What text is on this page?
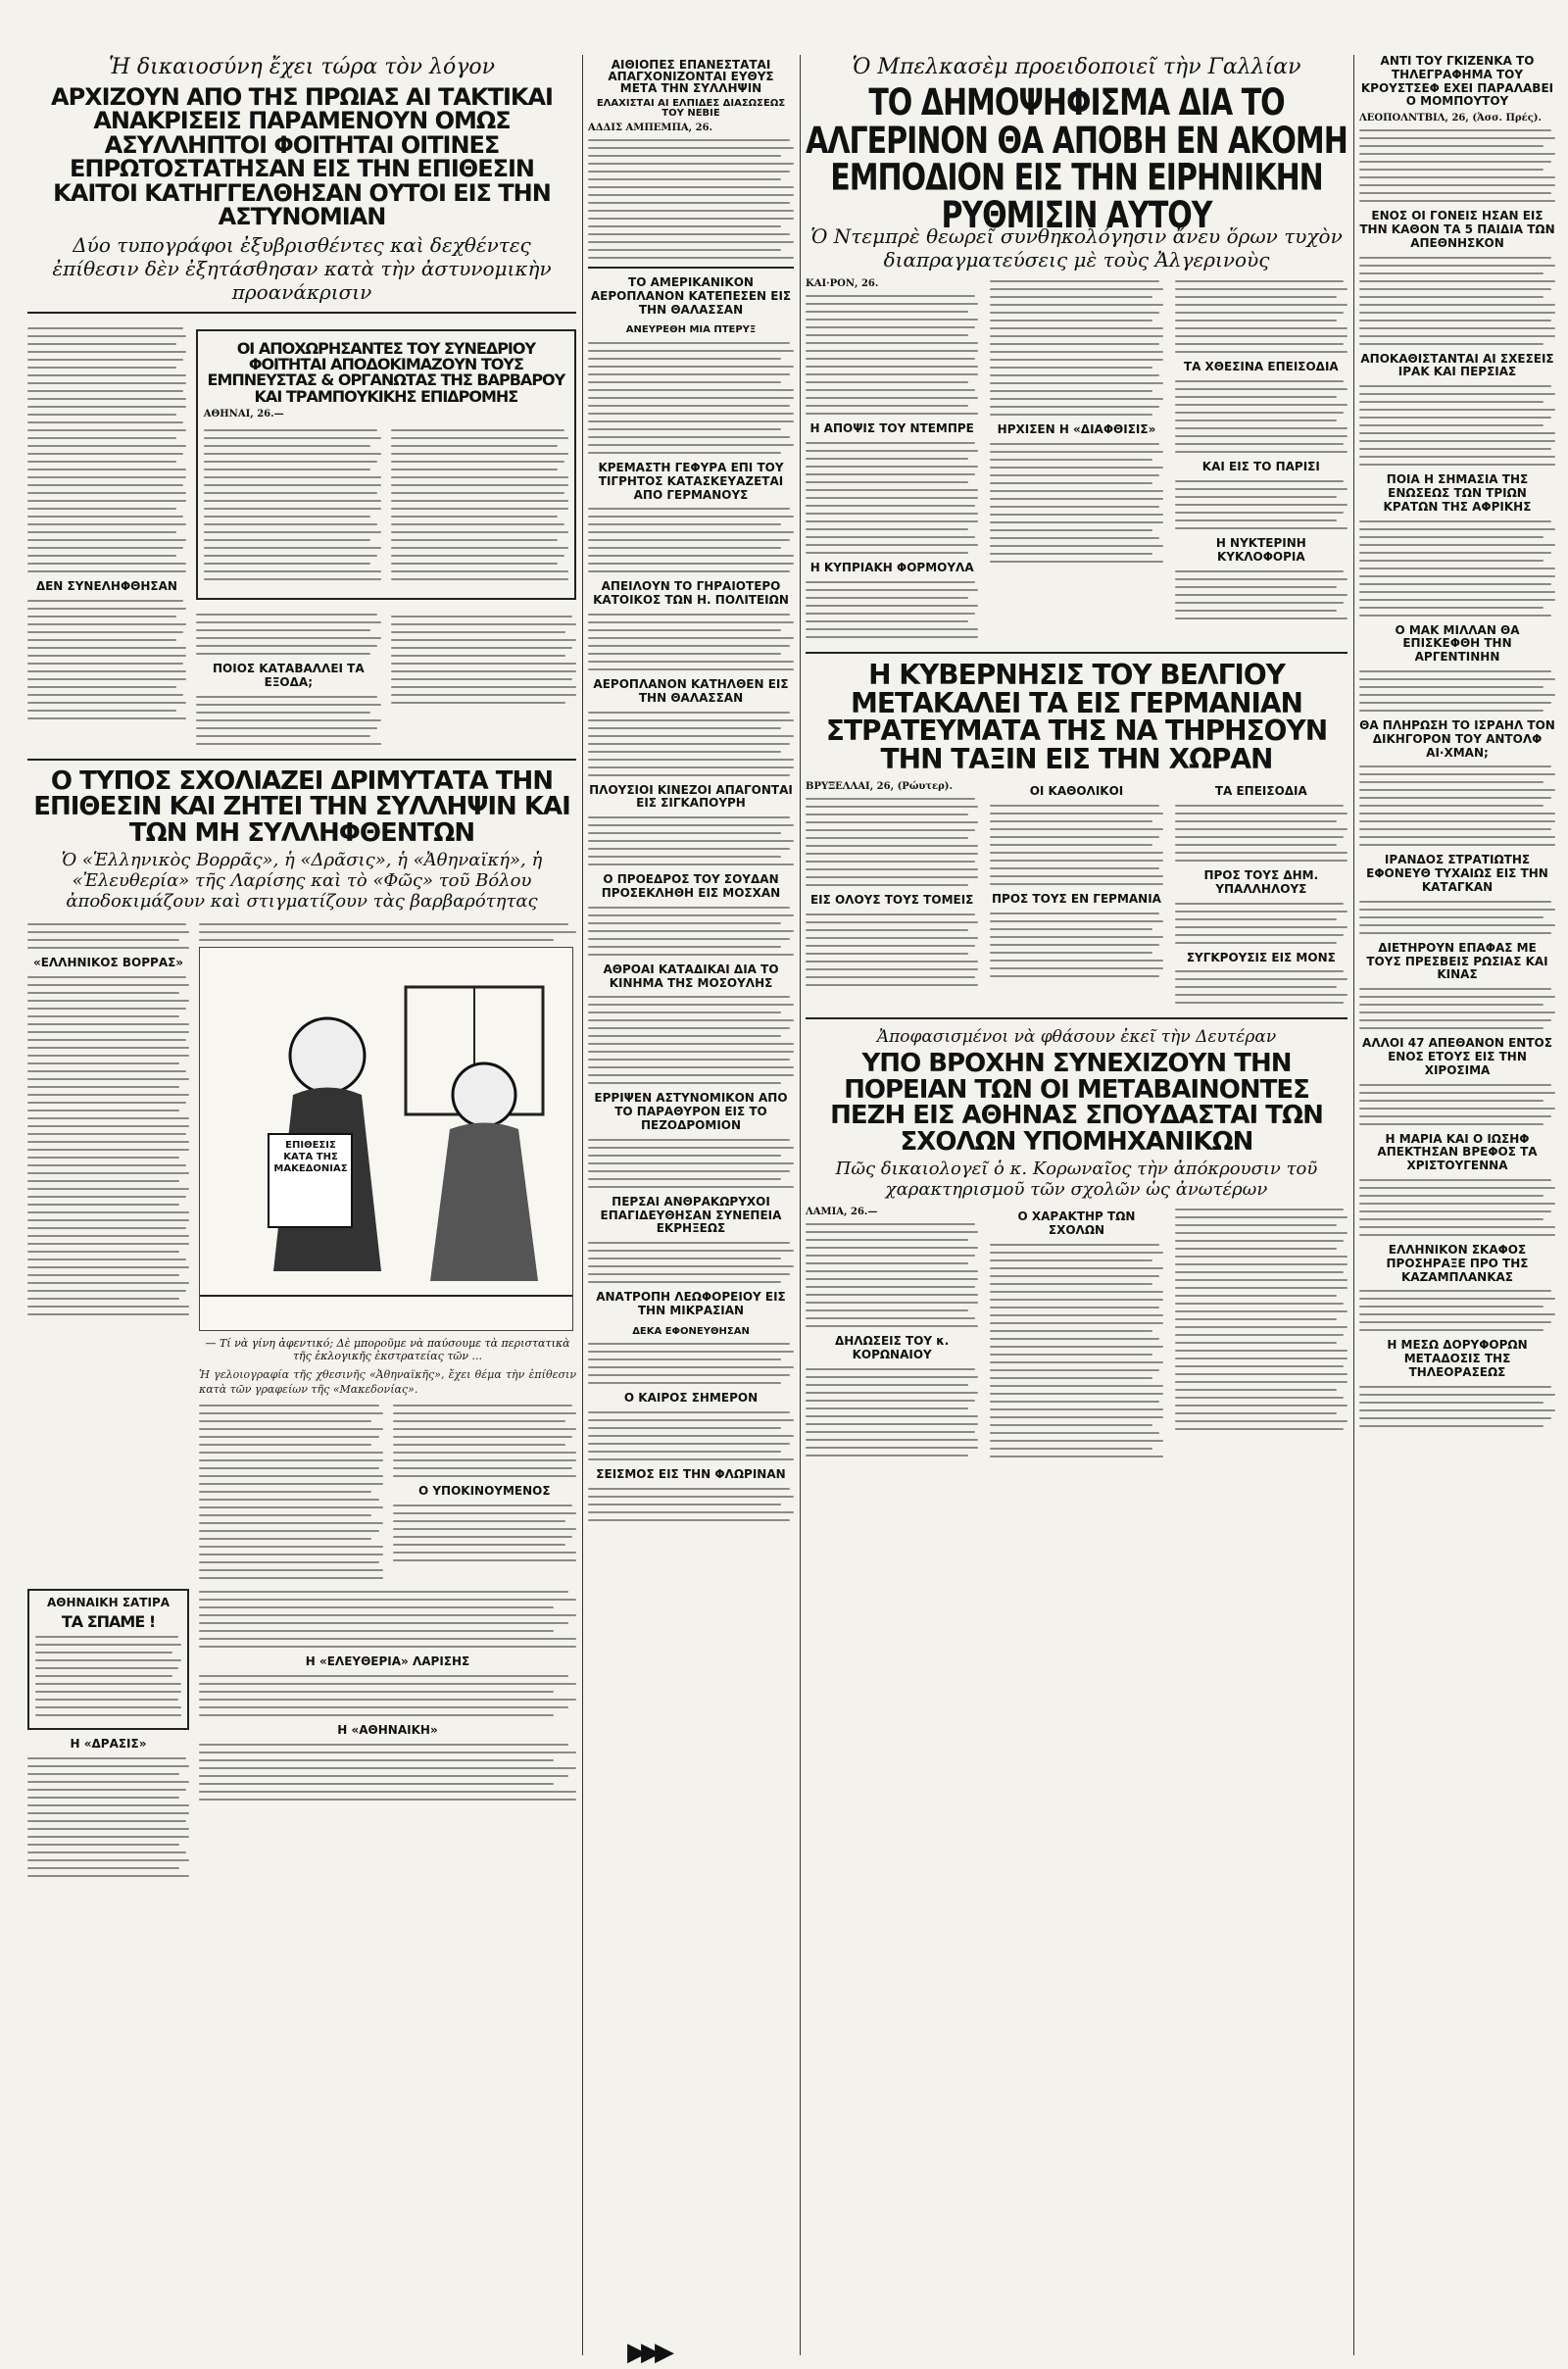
Ἡ δικαιοσύνη ἔχει τώρα τὸν λόγον
ΑΡΧΙΖΟΥΝ ΑΠΟ ΤΗΣ ΠΡΩΙΑΣ ΑΙ ΤΑΚΤΙΚΑΙ ΑΝΑΚΡΙΣΕΙΣ ΠΑΡΑΜΕΝΟΥΝ ΟΜΩΣ ΑΣΥΛΛΗΠΤΟΙ ΦΟΙΤΗΤΑΙ ΟΙΤΙΝΕΣ ΕΠΡΩΤΟΣΤΑΤΗΣΑΝ ΕΙΣ ΤΗΝ ΕΠΙΘΕΣΙΝ ΚΑΙΤΟΙ ΚΑΤΗΓΓΕΛΘΗΣΑΝ ΟΥΤΟΙ ΕΙΣ ΤΗΝ ΑΣΤΥΝΟΜΙΑΝ
Δύο τυπογράφοι ἐξυβρισθέντες καὶ δεχθέντες ἐπίθεσιν δὲν ἐξητάσθησαν κατὰ τὴν ἀστυνομικὴν προανάκρισιν
ΔΕΝ ΣΥΝΕΛΗΦΘΗΣΑΝ
ΟΙ ΑΠΟΧΩΡΗΣΑΝΤΕΣ ΤΟΥ ΣΥΝΕΔΡΙΟΥ ΦΟΙΤΗΤΑΙ ΑΠΟΔΟΚΙΜΑΖΟΥΝ ΤΟΥΣ ΕΜΠΝΕΥΣΤΑΣ & ΟΡΓΑΝΩΤΑΣ ΤΗΣ ΒΑΡΒΑΡΟΥ ΚΑΙ ΤΡΑΜΠΟΥΚΙΚΗΣ ΕΠΙΔΡΟΜΗΣ
ΑΘΗΝΑΙ, 26.—
ΠΟΙΟΣ ΚΑΤΑΒΑΛΛΕΙ ΤΑ ΕΞΟΔΑ;
Ο ΤΥΠΟΣ ΣΧΟΛΙΑΖΕΙ ΔΡΙΜΥΤΑΤΑ ΤΗΝ ΕΠΙΘΕΣΙΝ ΚΑΙ ΖΗΤΕΙ ΤΗΝ ΣΥΛΛΗΨΙΝ ΚΑΙ ΤΩΝ ΜΗ ΣΥΛΛΗΦΘΕΝΤΩΝ
Ὁ «Ἑλληνικὸς Βορρᾶς», ἡ «Δρᾶσις», ἡ «Ἀθηναϊκή», ἡ «Ἐλευθερία» τῆς Λαρίσης καὶ τὸ «Φῶς» τοῦ Βόλου ἀποδοκιμάζουν καὶ στιγματίζουν τὰς βαρβαρότητας
«ΕΛΛΗΝΙΚΟΣ ΒΟΡΡΑΣ»
ΕΠΙΘΕΣΙΣ ΚΑΤΑ ΤΗΣ ΜΑΚΕΔΟΝΙΑΣ
— Τί νὰ γίνη ἀφεντικό; Δὲ μποροῦμε νὰ παύσουμε τὰ περιστατικὰ τῆς ἐκλογικῆς ἐκστρατείας τῶν ...
Ἡ γελοιογραφία τῆς χθεσινῆς «Ἀθηναϊκῆς», ἔχει θέμα τὴν ἐπίθεσιν κατὰ τῶν γραφείων τῆς «Μακεδονίας».
Ο ΥΠΟΚΙΝΟΥΜΕΝΟΣ
ΑΘΗΝΑΙΚΗ ΣΑΤΙΡΑ
ΤΑ ΣΠΑΜΕ !
Η «ΔΡΑΣΙΣ»
Η «ΕΛΕΥΘΕΡΙΑ» ΛΑΡΙΣΗΣ
Η «ΑΘΗΝΑΙΚΗ»
ΑΙΘΙΟΠΕΣ ΕΠΑΝΕΣΤΑΤΑΙ ΑΠΑΓΧΟΝΙΖΟΝΤΑΙ ΕΥΘΥΣ ΜΕΤΑ ΤΗΝ ΣΥΛΛΗΨΙΝ
ΕΛΑΧΙΣΤΑΙ ΑΙ ΕΛΠΙΔΕΣ ΔΙΑΣΩΣΕΩΣ ΤΟΥ ΝΕΒΙΕ
ΑΔΔΙΣ ΑΜΠΕΜΠΑ, 26.
ΤΟ ΑΜΕΡΙΚΑΝΙΚΟΝ ΑΕΡΟΠΛΑΝΟΝ ΚΑΤΕΠΕΣΕΝ ΕΙΣ ΤΗΝ ΘΑΛΑΣΣΑΝ
ΑΝΕΥΡΕΘΗ ΜΙΑ ΠΤΕΡΥΞ
ΚΡΕΜΑΣΤΗ ΓΕΦΥΡΑ ΕΠΙ ΤΟΥ ΤΙΓΡΗΤΟΣ ΚΑΤΑΣΚΕΥΑΖΕΤΑΙ ΑΠΟ ΓΕΡΜΑΝΟΥΣ
ΑΠΕΙΛΟΥΝ ΤΟ ΓΗΡΑΙΟΤΕΡΟ ΚΑΤΟΙΚΟΣ ΤΩΝ Η. ΠΟΛΙΤΕΙΩΝ
ΑΕΡΟΠΛΑΝΟΝ ΚΑΤΗΛΘΕΝ ΕΙΣ ΤΗΝ ΘΑΛΑΣΣΑΝ
ΠΛΟΥΣΙΟΙ ΚΙΝΕΖΟΙ ΑΠΑΓΟΝΤΑΙ ΕΙΣ ΣΙΓΚΑΠΟΥΡΗ
Ο ΠΡΟΕΔΡΟΣ ΤΟΥ ΣΟΥΔΑΝ ΠΡΟΣΕΚΛΗΘΗ ΕΙΣ ΜΟΣΧΑΝ
ΑΘΡΟΑΙ ΚΑΤΑΔΙΚΑΙ ΔΙΑ ΤΟ ΚΙΝΗΜΑ ΤΗΣ ΜΟΣΟΥΛΗΣ
ΕΡΡΙΨΕΝ ΑΣΤΥΝΟΜΙΚΟΝ ΑΠΟ ΤΟ ΠΑΡΑΘΥΡΟΝ ΕΙΣ ΤΟ ΠΕΖΟΔΡΟΜΙΟΝ
ΠΕΡΣΑΙ ΑΝΘΡΑΚΩΡΥΧΟΙ ΕΠΑΓΙΔΕΥΘΗΣΑΝ ΣΥΝΕΠΕΙΑ ΕΚΡΗΞΕΩΣ
ΑΝΑΤΡΟΠΗ ΛΕΩΦΟΡΕΙΟΥ ΕΙΣ ΤΗΝ ΜΙΚΡΑΣΙΑΝ
ΔΕΚΑ ΕΦΟΝΕΥΘΗΣΑΝ
Ο ΚΑΙΡΟΣ ΣΗΜΕΡΟΝ
ΣΕΙΣΜΟΣ ΕΙΣ ΤΗΝ ΦΛΩΡΙΝΑΝ
Ὁ Μπελκασὲμ προειδοποιεῖ τὴν Γαλλίαν
ΤΟ ΔΗΜΟΨΗΦΙΣΜΑ ΔΙΑ ΤΟ ΑΛΓΕΡΙΝΟΝ ΘΑ ΑΠΟΒΗ ΕΝ ΑΚΟΜΗ ΕΜΠΟΔΙΟΝ ΕΙΣ ΤΗΝ ΕΙΡΗΝΙΚΗΝ ΡΥΘΜΙΣΙΝ ΑΥΤΟΥ
Ὁ Ντεμπρὲ θεωρεῖ συνθηκολόγησιν ἄνευ ὅρων τυχὸν διαπραγματεύσεις μὲ τοὺς Ἀλγερινοὺς
ΚΑΙ·ΡΟΝ, 26.
Η ΑΠΟΨΙΣ ΤΟΥ ΝΤΕΜΠΡΕ
Η ΚΥΠΡΙΑΚΗ ΦΟΡΜΟΥΛΑ
ΗΡΧΙΣΕΝ Η «ΔΙΑΦΘΙΣΙΣ»
ΤΑ ΧΘΕΣΙΝΑ ΕΠΕΙΣΟΔΙΑ
ΚΑΙ ΕΙΣ ΤΟ ΠΑΡΙΣΙ
Η ΝΥΚΤΕΡΙΝΗ ΚΥΚΛΟΦΟΡΙΑ
Η ΚΥΒΕΡΝΗΣΙΣ ΤΟΥ ΒΕΛΓΙΟΥ ΜΕΤΑΚΑΛΕΙ ΤΑ ΕΙΣ ΓΕΡΜΑΝΙΑΝ ΣΤΡΑΤΕΥΜΑΤΑ ΤΗΣ ΝΑ ΤΗΡΗΣΟΥΝ ΤΗΝ ΤΑΞΙΝ ΕΙΣ ΤΗΝ ΧΩΡΑΝ
ΒΡΥΞΕΛΛΑΙ, 26, (Ρώυτερ).
ΕΙΣ ΟΛΟΥΣ ΤΟΥΣ ΤΟΜΕΙΣ
ΟΙ ΚΑΘΟΛΙΚΟΙ
ΠΡΟΣ ΤΟΥΣ ΕΝ ΓΕΡΜΑΝΙΑ
ΤΑ ΕΠΕΙΣΟΔΙΑ
ΠΡΟΣ ΤΟΥΣ ΔΗΜ. ΥΠΑΛΛΗΛΟΥΣ
ΣΥΓΚΡΟΥΣΙΣ ΕΙΣ ΜΟΝΣ
Ἀποφασισμένοι νὰ φθάσουν ἐκεῖ τὴν Δευτέραν
ΥΠΟ ΒΡΟΧΗΝ ΣΥΝΕΧΙΖΟΥΝ ΤΗΝ ΠΟΡΕΙΑΝ ΤΩΝ ΟΙ ΜΕΤΑΒΑΙΝΟΝΤΕΣ ΠΕΖΗ ΕΙΣ ΑΘΗΝΑΣ ΣΠΟΥΔΑΣΤΑΙ ΤΩΝ ΣΧΟΛΩΝ ΥΠΟΜΗΧΑΝΙΚΩΝ
Πῶς δικαιολογεῖ ὁ κ. Κορωναῖος τὴν ἀπόκρουσιν τοῦ χαρακτηρισμοῦ τῶν σχολῶν ὡς ἀνωτέρων
ΛΑΜΙΑ, 26.—
ΔΗΛΩΣΕΙΣ ΤΟΥ κ. ΚΟΡΩΝΑΙΟΥ
Ο ΧΑΡΑΚΤΗΡ ΤΩΝ ΣΧΟΛΩΝ
ΑΝΤΙ ΤΟΥ ΓΚΙΖΕΝΚΑ ΤΟ ΤΗΛΕΓΡΑΦΗΜΑ ΤΟΥ ΚΡΟΥΣΤΣΕΦ ΕΧΕΙ ΠΑΡΑΛΑΒΕΙ Ο ΜΟΜΠΟΥΤΟΥ
ΛΕΟΠΟΛΝΤΒΙΛ, 26, (Ἀσσ. Πρές).
ΕΝΟΣ ΟΙ ΓΟΝΕΙΣ ΗΣΑΝ ΕΙΣ ΤΗΝ ΚΑΘΟΝ ΤΑ 5 ΠΑΙΔΙΑ ΤΩΝ ΑΠΕΘΝΗΣΚΟΝ
ΑΠΟΚΑΘΙΣΤΑΝΤΑΙ ΑΙ ΣΧΕΣΕΙΣ ΙΡΑΚ ΚΑΙ ΠΕΡΣΙΑΣ
ΠΟΙΑ Η ΣΗΜΑΣΙΑ ΤΗΣ ΕΝΩΣΕΩΣ ΤΩΝ ΤΡΙΩΝ ΚΡΑΤΩΝ ΤΗΣ ΑΦΡΙΚΗΣ
Ο ΜΑΚ ΜΙΛΛΑΝ ΘΑ ΕΠΙΣΚΕΦΘΗ ΤΗΝ ΑΡΓΕΝΤΙΝΗΝ
ΘΑ ΠΛΗΡΩΣΗ ΤΟ ΙΣΡΑΗΛ ΤΟΝ ΔΙΚΗΓΟΡΟΝ ΤΟΥ ΑΝΤΟΛΦ ΑΙ·ΧΜΑΝ;
ΙΡΑΝΔΟΣ ΣΤΡΑΤΙΩΤΗΣ ΕΦΟΝΕΥΘ ΤΥΧΑΙΩΣ ΕΙΣ ΤΗΝ ΚΑΤΑΓΚΑΝ
ΔΙΕΤΗΡΟΥΝ ΕΠΑΦΑΣ ΜΕ ΤΟΥΣ ΠΡΕΣΒΕΙΣ ΡΩΣΙΑΣ ΚΑΙ ΚΙΝΑΣ
ΑΛΛΟΙ 47 ΑΠΕΘΑΝΟΝ ΕΝΤΟΣ ΕΝΟΣ ΕΤΟΥΣ ΕΙΣ ΤΗΝ ΧΙΡΟΣΙΜΑ
Η ΜΑΡΙΑ ΚΑΙ Ο ΙΩΣΗΦ ΑΠΕΚΤΗΣΑΝ ΒΡΕΦΟΣ ΤΑ ΧΡΙΣΤΟΥΓΕΝΝΑ
ΕΛΛΗΝΙΚΟΝ ΣΚΑΦΟΣ ΠΡΟΣΗΡΑΞΕ ΠΡΟ ΤΗΣ ΚΑΖΑΜΠΛΑΝΚΑΣ
Η ΜΕΣΩ ΔΟΡΥΦΟΡΩΝ ΜΕΤΑΔΟΣΙΣ ΤΗΣ ΤΗΛΕΟΡΑΣΕΩΣ
▶▶▶
